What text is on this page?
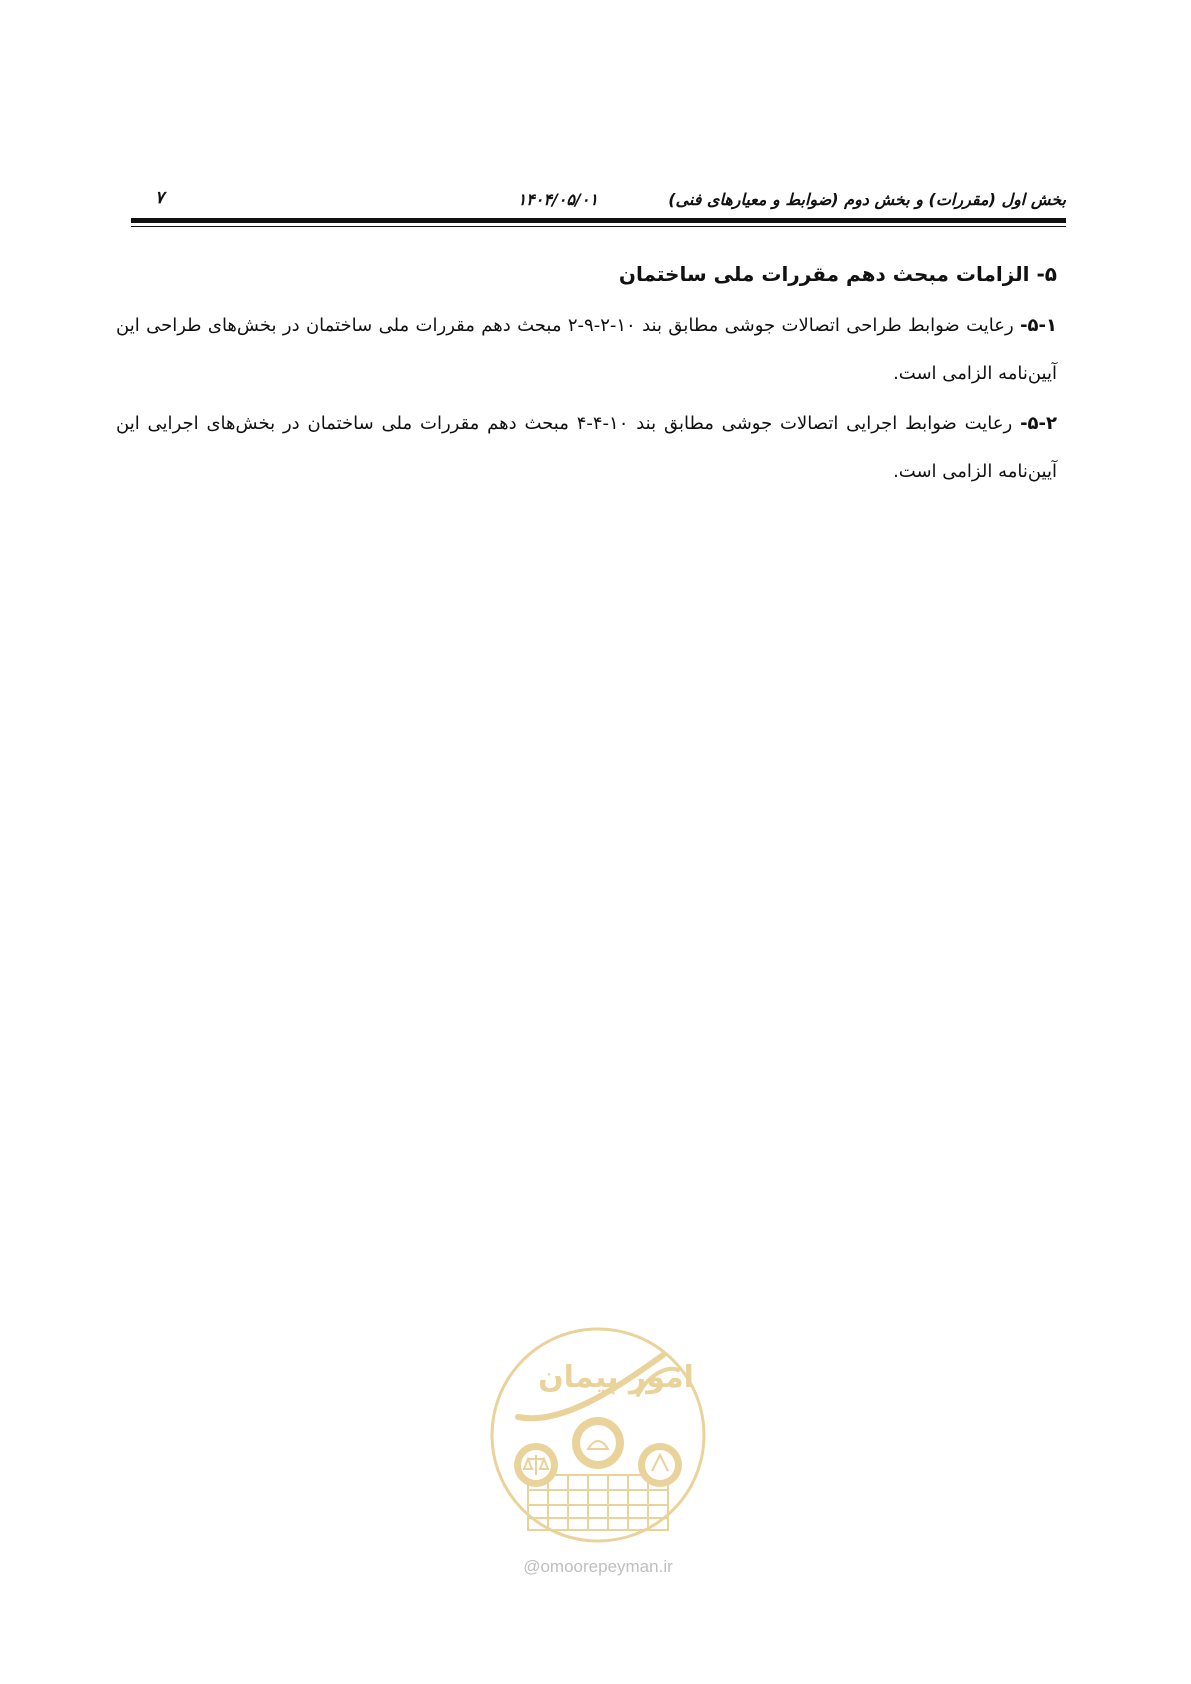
بخش اول (مقررات) و بخش دوم (ضوابط و معیارهای فنی)
۱۴۰۴/۰۵/۰۱
۷

۵- الزامات مبحث دهم مقررات ملی ساختمان

۵-۱- رعایت ضوابط طراحی اتصالات جوشی مطابق بند ۱۰-۲-۹-۲ مبحث دهم مقررات ملی ساختمان در بخش‌های طراحی این آیین‌نامه الزامی است.

۵-۲- رعایت ضوابط اجرایی اتصالات جوشی مطابق بند ۱۰-۴-۴ مبحث دهم مقررات ملی ساختمان در بخش‌های اجرایی این آیین‌نامه الزامی است.

امور پیمان
@omoorepeyman.ir
